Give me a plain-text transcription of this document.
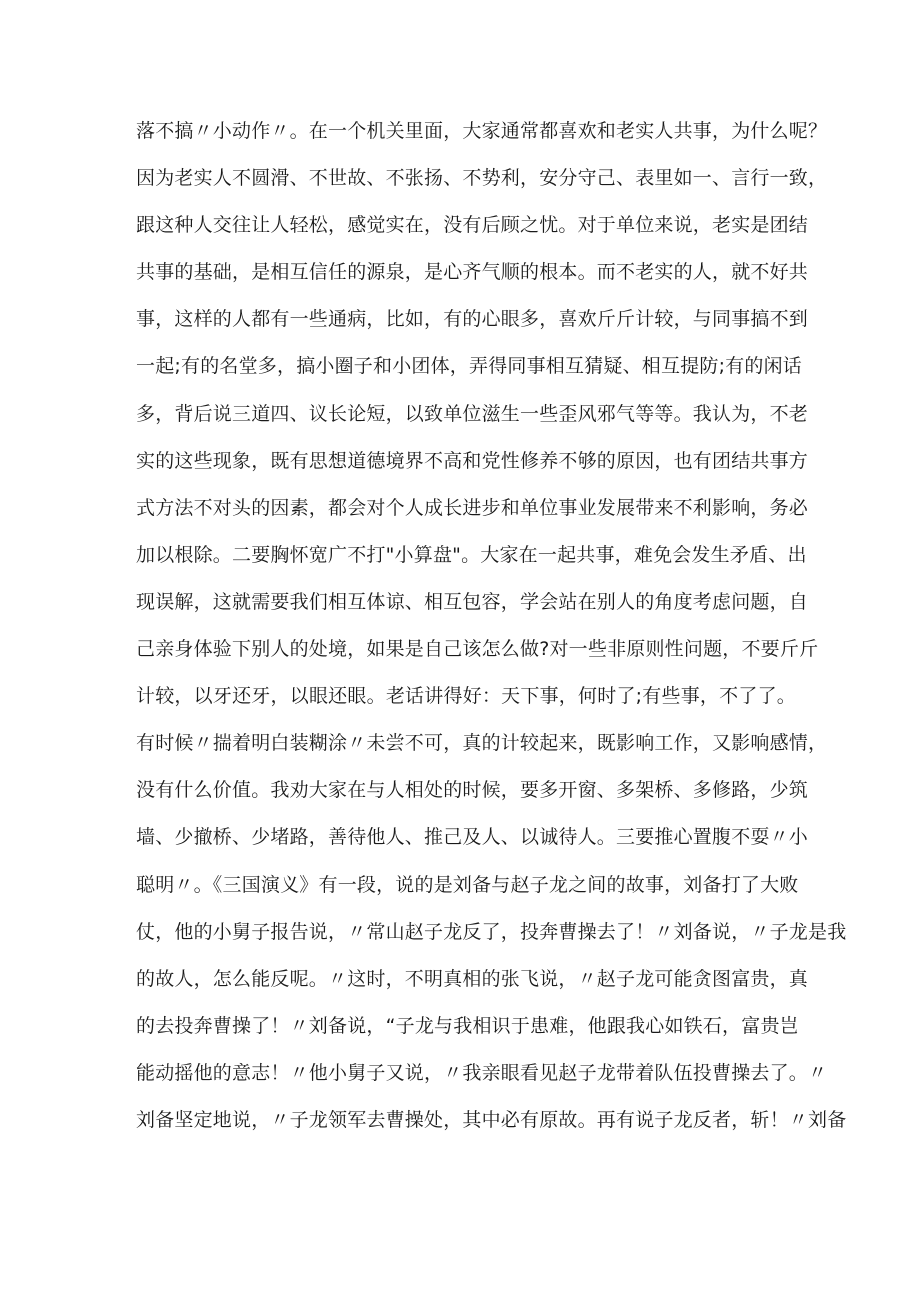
落不搞〃小动作〃。在一个机关里面，大家通常都喜欢和老实人共事，为什么呢？
因为老实人不圆滑、不世故、不张扬、不势利，安分守己、表里如一、言行一致，
跟这种人交往让人轻松，感觉实在，没有后顾之忧。对于单位来说，老实是团结
共事的基础，是相互信任的源泉，是心齐气顺的根本。而不老实的人，就不好共
事，这样的人都有一些通病，比如，有的心眼多，喜欢斤斤计较，与同事搞不到
一起;有的名堂多，搞小圈子和小团体，弄得同事相互猜疑、相互提防;有的闲话
多，背后说三道四、议长论短，以致单位滋生一些歪风邪气等等。我认为，不老
实的这些现象，既有思想道德境界不高和党性修养不够的原因，也有团结共事方
式方法不对头的因素，都会对个人成长进步和单位事业发展带来不利影响，务必
加以根除。二要胸怀宽广不打"小算盘"。大家在一起共事，难免会发生矛盾、出
现误解，这就需要我们相互体谅、相互包容，学会站在别人的角度考虑问题，自
己亲身体验下别人的处境，如果是自己该怎么做?对一些非原则性问题，不要斤斤
计较，以牙还牙，以眼还眼。老话讲得好：天下事，何时了;有些事，不了了。
有时候〃揣着明白装糊涂〃未尝不可，真的计较起来，既影响工作，又影响感情，
没有什么价值。我劝大家在与人相处的时候，要多开窗、多架桥、多修路，少筑
墙、少撤桥、少堵路，善待他人、推己及人、以诚待人。三要推心置腹不耍〃小
聪明〃。《三国演义》有一段，说的是刘备与赵子龙之间的故事，刘备打了大败
仗，他的小舅子报告说，〃常山赵子龙反了，投奔曹操去了！〃刘备说，〃子龙是我
的故人，怎么能反呢。〃这时，不明真相的张飞说，〃赵子龙可能贪图富贵，真
的去投奔曹操了！〃刘备说，“子龙与我相识于患难，他跟我心如铁石，富贵岂
能动摇他的意志！〃他小舅子又说，〃我亲眼看见赵子龙带着队伍投曹操去了。〃
刘备坚定地说，〃子龙领军去曹操处，其中必有原故。再有说子龙反者，斩！〃刘备
